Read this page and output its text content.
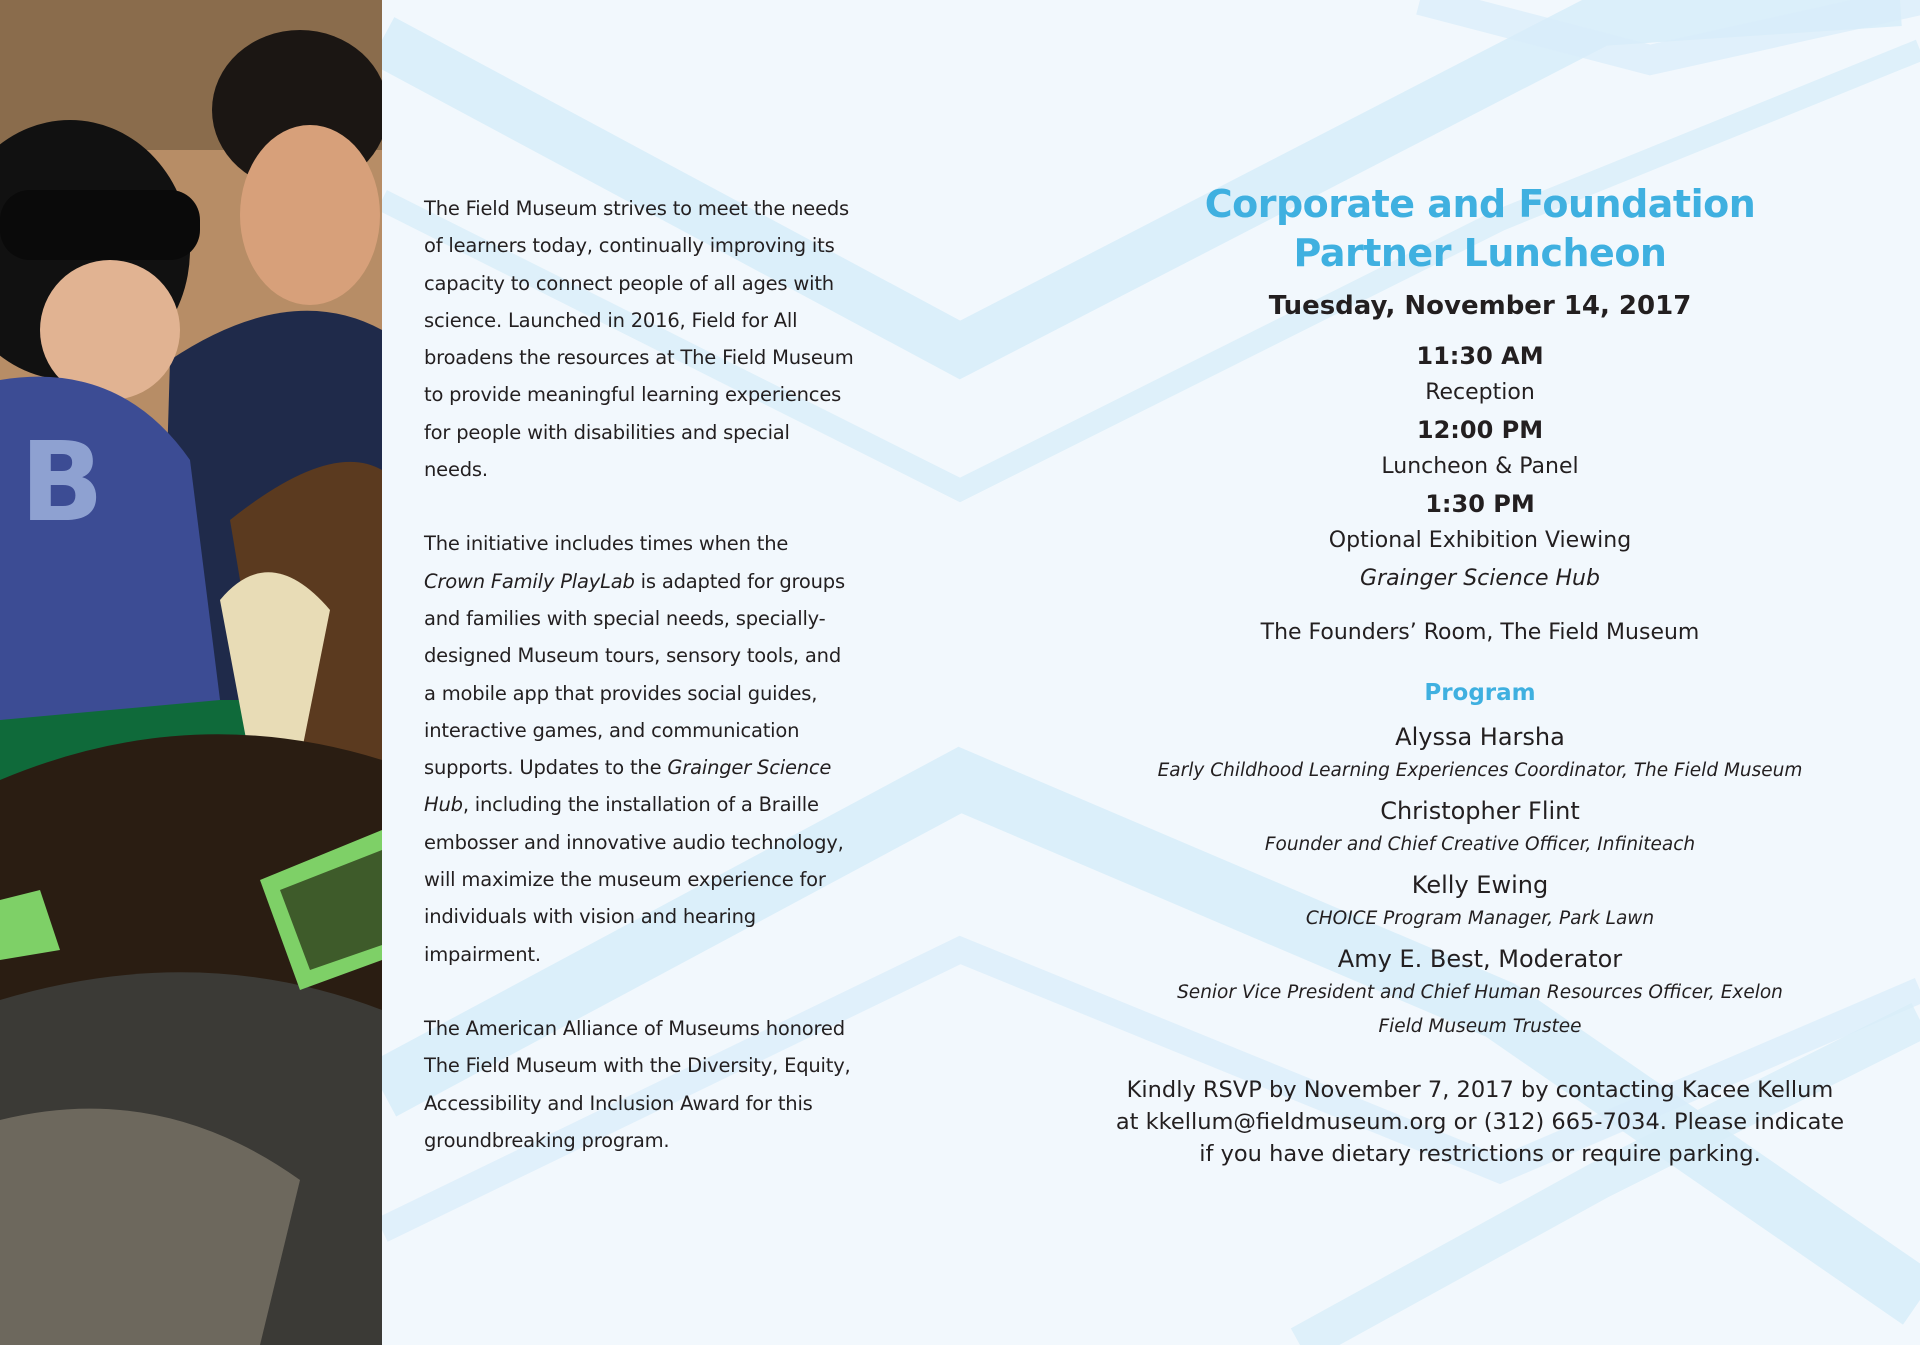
B

The Field Museum strives to meet the needs of learners today, continually improving its capacity to connect people of all ages with science. Launched in 2016, Field for All broadens the resources at The Field Museum to provide meaningful learning experiences for people with disabilities and special needs.

The initiative includes times when the Crown Family PlayLab is adapted for groups and families with special needs, specially-designed Museum tours, sensory tools, and a mobile app that provides social guides, interactive games, and communication supports. Updates to the Grainger Science Hub, including the installation of a Braille embosser and innovative audio technology, will maximize the museum experience for individuals with vision and hearing impairment.

The American Alliance of Museums honored The Field Museum with the Diversity, Equity, Accessibility and Inclusion Award for this groundbreaking program.

Corporate and Foundation
Partner Luncheon
Tuesday, November 14, 2017
11:30 AM
Reception
12:00 PM
Luncheon & Panel
1:30 PM
Optional Exhibition Viewing
Grainger Science Hub
The Founders’ Room, The Field Museum
Program
Alyssa Harsha
Early Childhood Learning Experiences Coordinator, The Field Museum
Christopher Flint
Founder and Chief Creative Officer, Infiniteach
Kelly Ewing
CHOICE Program Manager, Park Lawn
Amy E. Best, Moderator
Senior Vice President and Chief Human Resources Officer, Exelon
Field Museum Trustee
Kindly RSVP by November 7, 2017 by contacting Kacee Kellum
at kkellum@fieldmuseum.org or (312) 665-7034. Please indicate
if you have dietary restrictions or require parking.
